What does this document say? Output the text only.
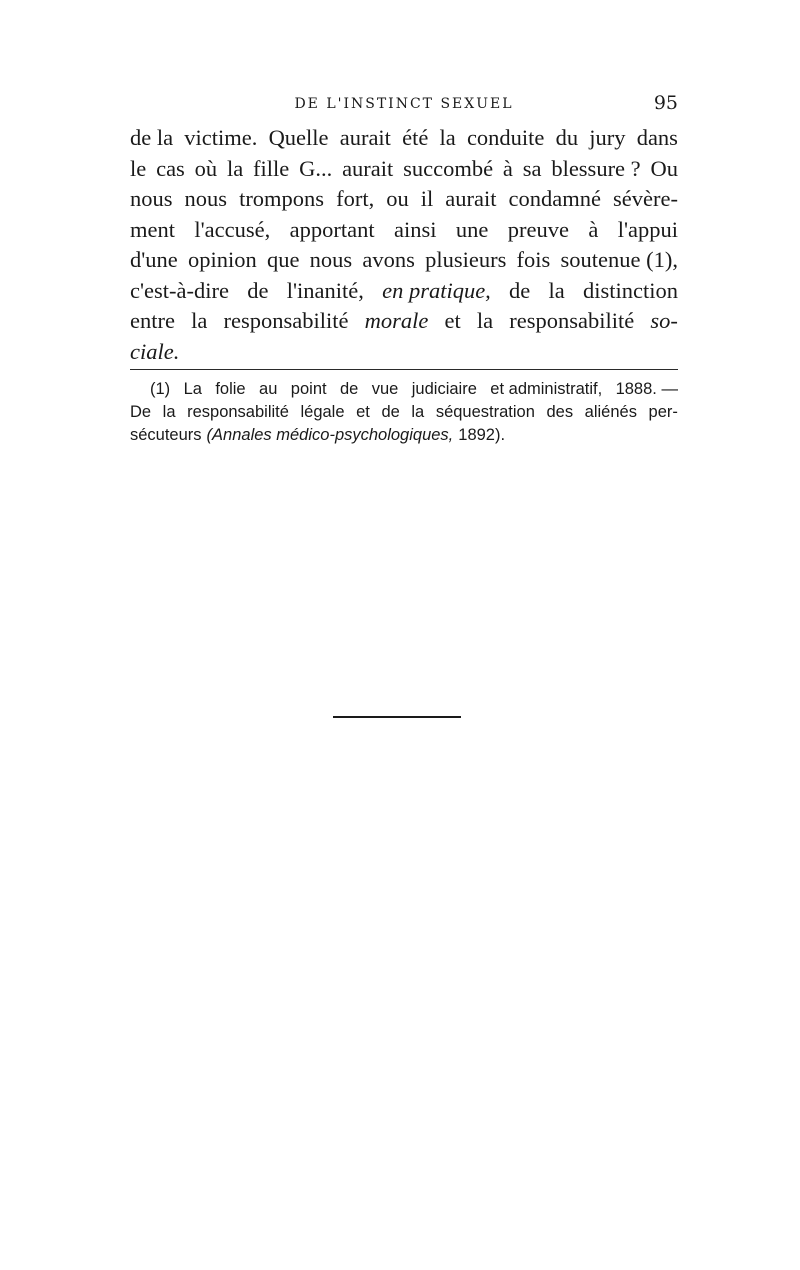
DE L'INSTINCT SEXUEL	95
de la victime. Quelle aurait été la conduite du jury dans
le cas où la fille G... aurait succombé à sa blessure ? Ou
nous nous trompons fort, ou il aurait condamné sévère-
ment l'accusé, apportant ainsi une preuve à l'appui
d'une opinion que nous avons plusieurs fois soutenue (1),
c'est-à-dire de l'inanité, en pratique, de la distinction
entre la responsabilité morale et la responsabilité so-
ciale.
(1) La folie au point de vue judiciaire et administratif, 1888. —
De la responsabilité légale et de la séquestration des aliénés per-
sécuteurs (Annales médico-psychologiques, 1892).
